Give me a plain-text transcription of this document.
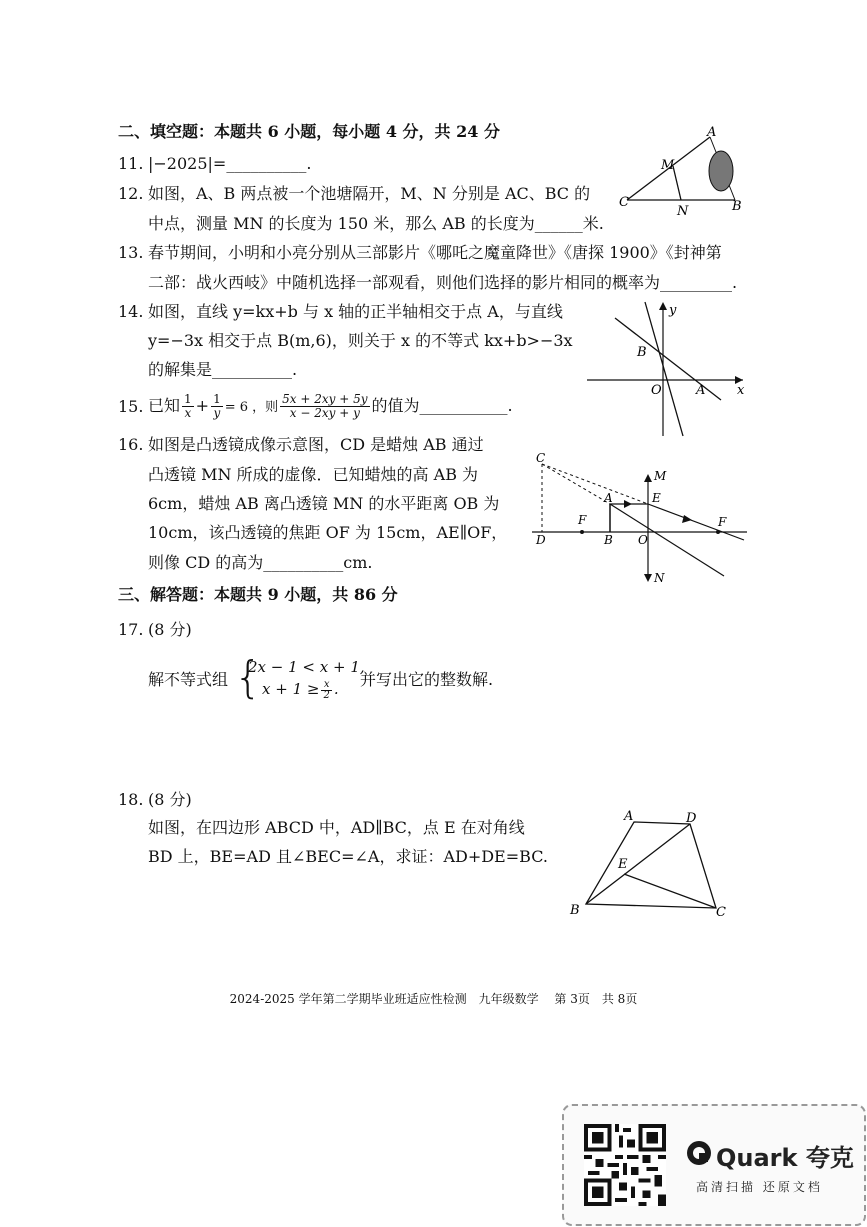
二、填空题：本题共 6 小题，每小题 4 分，共 24 分
11. |−2025|=__________.
12. 如图，A、B 两点被一个池塘隔开，M、N 分别是 AC、BC 的
中点，测量 MN 的长度为 150 米，那么 AB 的长度为______米.
A
M
C
N	B
13. 春节期间，小明和小亮分别从三部影片《哪吒之魔童降世》《唐探 1900》《封神第
二部：战火西岐》中随机选择一部观看，则他们选择的影片相同的概率为_________.
14. 如图，直线 y=kx+b 与 x 轴的正半轴相交于点 A，与直线
y=−3x 相交于点 B(m,6)，则关于 x 的不等式 kx+b>−3x
的解集是__________.
y
B
O	A x
15. 已知 $\frac{1}{x} + \frac{1}{y} = 6$ ，则 $\frac{5x + 2xy + 5y}{x - 2xy + y}$ 的值为___________.
16. 如图是凸透镜成像示意图，CD 是蜡烛 AB 通过
凸透镜 MN 所成的虚像．已知蜡烛的高 AB 为
6cm，蜡烛 AB 离凸透镜 MN 的水平距离 OB 为
10cm，该凸透镜的焦距 OF 为 15cm，AE∥OF，
则像 CD 的高为__________cm.
C
M
A	E
F	F
D	B O
N
三、解答题：本题共 9 小题，共 86 分
17. (8 分)
解不等式组 {
2x − 1 < x + 1,
$x + 1 \ge \frac{x}{2}$ . 并写出它的整数解.
18. (8 分)
如图，在四边形 ABCD 中，AD∥BC，点 E 在对角线
BD 上，BE=AD 且∠BEC=∠A，求证：AD+DE=BC.
A	D
E
B	C
2024-2025 学年第二学期毕业班适应性检测　九年级数学　 第 3页　共 8页
Quark 夸克
高清扫描 还原文档
